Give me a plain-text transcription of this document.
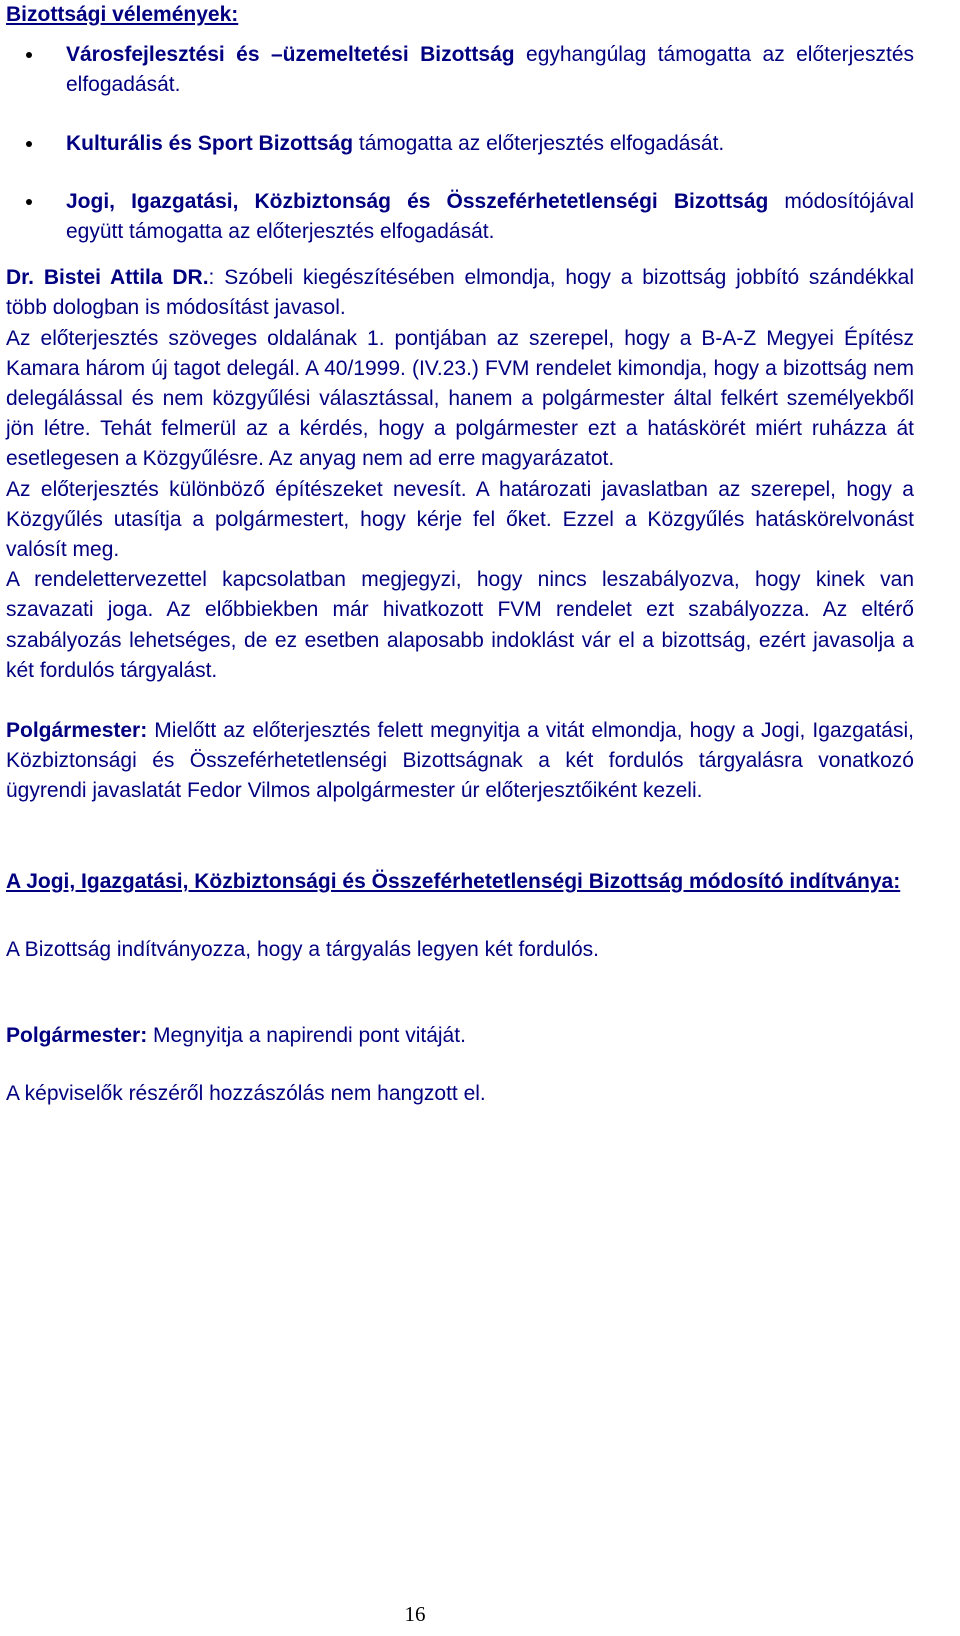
Bizottsági vélemények:

Városfejlesztési és –üzemeltetési Bizottság egyhangúlag támogatta az előterjesztés elfogadását.
Kulturális és Sport Bizottság támogatta az előterjesztés elfogadását.
Jogi, Igazgatási, Közbiztonság és Összeférhetetlenségi Bizottság módosítójával együtt támogatta az előterjesztés elfogadását.

Dr. Bistei Attila DR.: Szóbeli kiegészítésében elmondja, hogy a bizottság jobbító szándékkal több dologban is módosítást javasol.

Az előterjesztés szöveges oldalának 1. pontjában az szerepel, hogy a B-A-Z Megyei Építész Kamara három új tagot delegál. A 40/1999. (IV.23.) FVM rendelet kimondja, hogy a bizottság nem delegálással és nem közgyűlési választással, hanem a polgármester által felkért személyekből jön létre. Tehát felmerül az a kérdés, hogy a polgármester ezt a hatáskörét miért ruházza át esetlegesen a Közgyűlésre. Az anyag nem ad erre magyarázatot.

Az előterjesztés különböző építészeket nevesít. A határozati javaslatban az szerepel, hogy a Közgyűlés utasítja a polgármestert, hogy kérje fel őket. Ezzel a Közgyűlés hatáskörelvonást valósít meg.

A rendelettervezettel kapcsolatban megjegyzi, hogy nincs leszabályozva, hogy kinek van szavazati joga. Az előbbiekben már hivatkozott FVM rendelet ezt szabályozza. Az eltérő szabályozás lehetséges, de ez esetben alaposabb indoklást vár el a bizottság, ezért javasolja a két fordulós tárgyalást.

Polgármester: Mielőtt az előterjesztés felett megnyitja a vitát elmondja, hogy a Jogi, Igazgatási, Közbiztonsági és Összeférhetetlenségi Bizottságnak a két fordulós tárgyalásra vonatkozó ügyrendi javaslatát Fedor Vilmos alpolgármester úr előterjesztőiként kezeli.

A Jogi, Igazgatási, Közbiztonsági és Összeférhetetlenségi Bizottság módosító indítványa:

A Bizottság indítványozza, hogy a tárgyalás legyen két fordulós.

Polgármester: Megnyitja a napirendi pont vitáját.

A képviselők részéről hozzászólás nem hangzott el.

16
